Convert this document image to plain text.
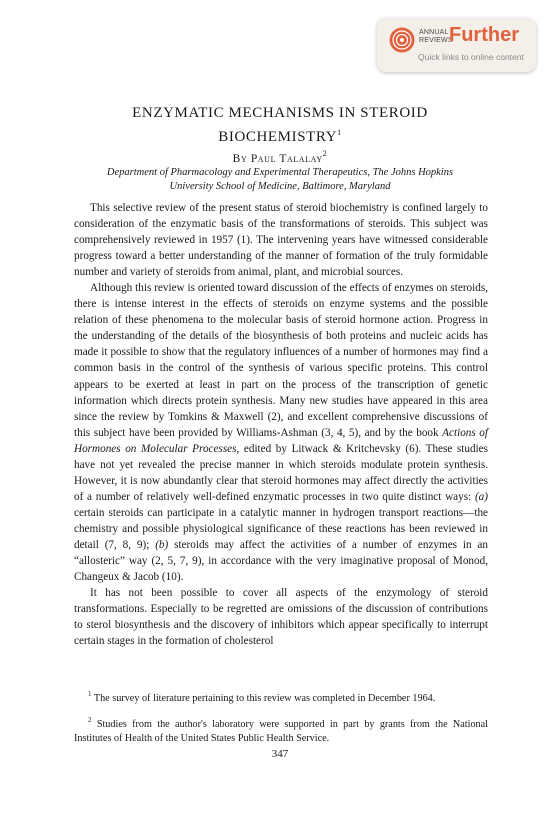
ANNUAL
REVIEWS
Further
Quick links to online content
ENZYMATIC MECHANISMS IN STEROID
BIOCHEMISTRY$^1$
By Paul Talalay$^2$
Department of Pharmacology and Experimental Therapeutics, The Johns Hopkins
University School of Medicine, Baltimore, Maryland

This selective review of the present status of steroid biochemistry is confined largely to consideration of the enzymatic basis of the transformations of steroids. This subject was comprehensively reviewed in 1957 (1). The intervening years have witnessed considerable progress toward a better understanding of the manner of formation of the truly formidable number and variety of steroids from animal, plant, and microbial sources.

Although this review is oriented toward discussion of the effects of enzymes on steroids, there is intense interest in the effects of steroids on enzyme systems and the possible relation of these phenomena to the molecular basis of steroid hormone action. Progress in the understanding of the details of the biosynthesis of both proteins and nucleic acids has made it possible to show that the regulatory influences of a number of hormones may find a common basis in the control of the synthesis of various specific proteins. This control appears to be exerted at least in part on the process of the transcription of genetic information which directs protein synthesis. Many new studies have appeared in this area since the review by Tomkins & Maxwell (2), and excellent comprehensive discussions of this subject have been provided by Williams-Ashman (3, 4, 5), and by the book Actions of Hormones on Molecular Processes, edited by Litwack & Kritchevsky (6). These studies have not yet revealed the precise manner in which steroids modulate protein synthesis. However, it is now abundantly clear that steroid hormones may affect directly the activities of a number of relatively well-defined enzymatic processes in two quite distinct ways: (a) certain steroids can participate in a catalytic manner in hydrogen transport reactions—the chemistry and possible physiological significance of these reactions has been reviewed in detail (7, 8, 9); (b) steroids may affect the activities of a number of enzymes in an “allosteric” way (2, 5, 7, 9), in accordance with the very imaginative proposal of Monod, Changeux & Jacob (10).

It has not been possible to cover all aspects of the enzymology of steroid transformations. Especially to be regretted are omissions of the discussion of contributions to sterol biosynthesis and the discovery of inhibitors which appear specifically to interrupt certain stages in the formation of cholesterol

$^1$ The survey of literature pertaining to this review was completed in December 1964.
$^2$ Studies from the author's laboratory were supported in part by grants from the National Institutes of Health of the United States Public Health Service.
347
